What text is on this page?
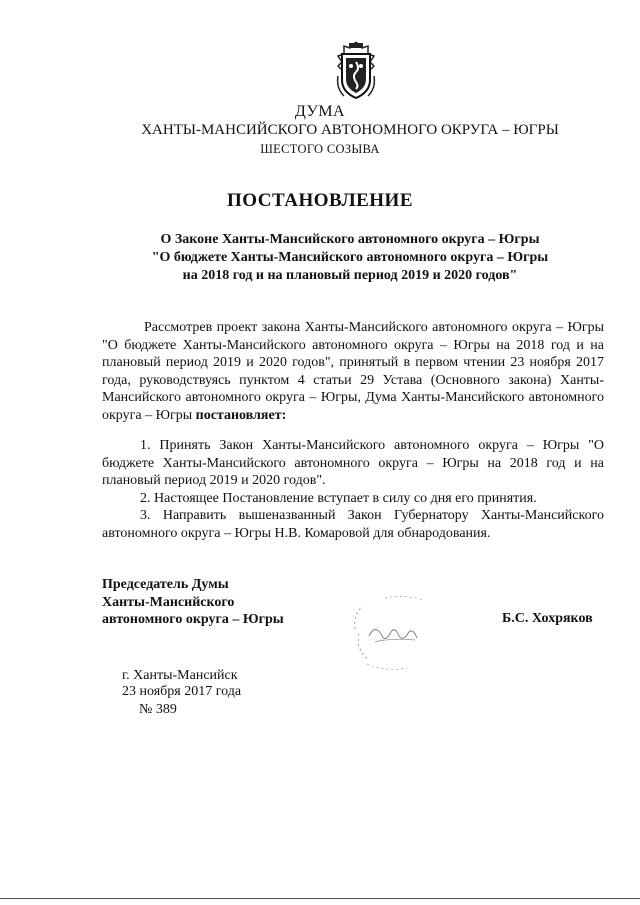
ДУМА
ХАНТЫ-МАНСИЙСКОГО АВТОНОМНОГО ОКРУГА – ЮГРЫ
ШЕСТОГО СОЗЫВА
ПОСТАНОВЛЕНИЕ
О Законе Ханты-Мансийского автономного округа – Югры
"О бюджете Ханты-Мансийского автономного округа – Югры
на 2018 год и на плановый период 2019 и 2020 годов"
Рассмотрев проект закона Ханты-Мансийского автономного округа – Югры "О бюджете Ханты-Мансийского автономного округа – Югры на 2018 год и на плановый период 2019 и 2020 годов", принятый в первом чтении 23 ноября 2017 года, руководствуясь пунктом 4 статьи 29 Устава (Основного закона) Ханты-Мансийского автономного округа – Югры, Дума Ханты-Мансийского автономного округа – Югры постановляет:
1. Принять Закон Ханты-Мансийского автономного округа – Югры "О бюджете Ханты-Мансийского автономного округа – Югры на 2018 год и на плановый период 2019 и 2020 годов".
2. Настоящее Постановление вступает в силу со дня его принятия.
3. Направить вышеназванный Закон Губернатору Ханты-Мансийского автономного округа – Югры Н.В. Комаровой для обнародования.
Председатель Думы
Ханты-Мансийского
автономного округа – Югры	Б.С. Хохряков
г. Ханты-Мансийск
23 ноября 2017 года
№ 389
